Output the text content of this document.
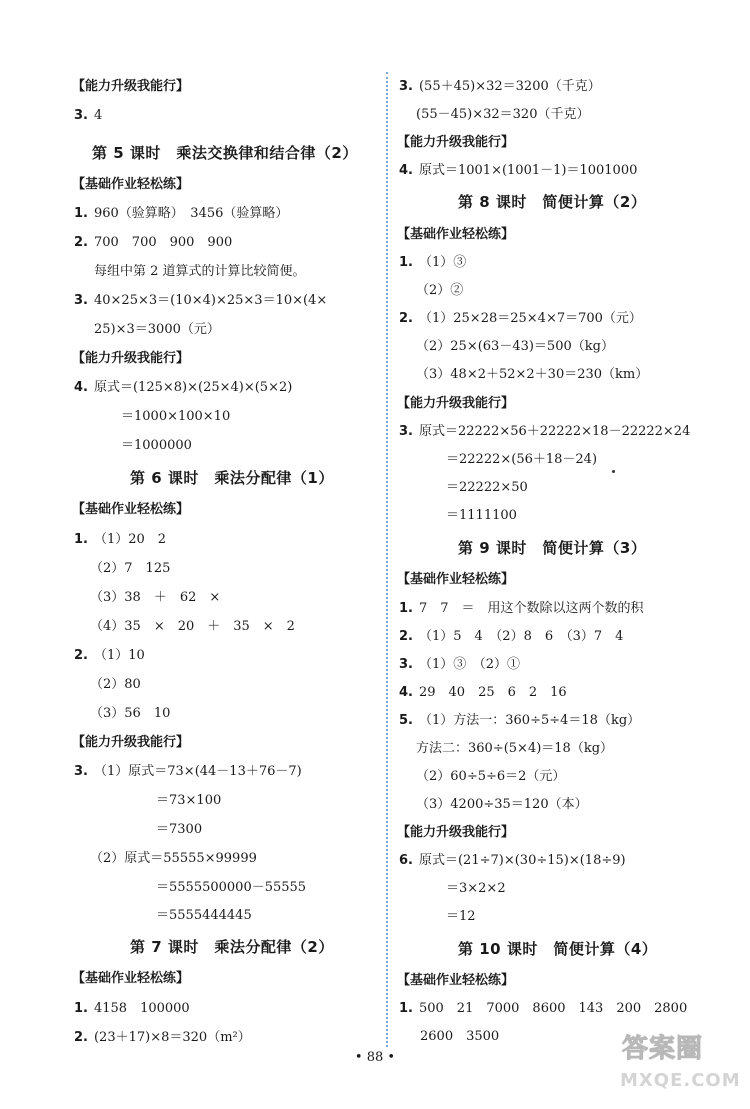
【能力升级我能行】
3. 4
第 5 课时　乘法交换律和结合律（2）
【基础作业轻松练】
1. 960（验算略）　3456（验算略）
2. 700　700　900　900
每组中第 2 道算式的计算比较简便。
3. 40×25×3＝(10×4)×25×3＝10×(4×
25)×3＝3000（元）
【能力升级我能行】
4. 原式＝(125×8)×(25×4)×(5×2)
＝1000×100×10
＝1000000
第 6 课时　乘法分配律（1）
【基础作业轻松练】
1. （1）20　2
（2）7　125
（3）38　＋　62　×
（4）35　×　20　＋　35　×　2
2. （1）10
（2）80
（3）56　10
【能力升级我能行】
3. （1）原式＝73×(44－13＋76－7)
＝73×100
＝7300
（2）原式＝55555×99999
＝5555500000－55555
＝5555444445
第 7 课时　乘法分配律（2）
【基础作业轻松练】
1. 4158　100000
2. (23＋17)×8＝320（m²）
3. (55＋45)×32＝3200（千克）
(55－45)×32＝320（千克）
【能力升级我能行】
4. 原式＝1001×(1001－1)＝1001000
第 8 课时　简便计算（2）
【基础作业轻松练】
1. （1）③
（2）②
2. （1）25×28＝25×4×7＝700（元）
（2）25×(63－43)＝500（kg）
（3）48×2＋52×2＋30＝230（km）
【能力升级我能行】
3. 原式＝22222×56＋22222×18－22222×24
＝22222×(56＋18－24)
＝22222×50
＝1111100
第 9 课时　简便计算（3）
【基础作业轻松练】
1. 7　7　＝　用这个数除以这两个数的积
2. （1）5　4　（2）8　6　（3）7　4
3. （1）③　（2）①
4. 29　40　25　6　2　16
5. （1）方法一：360÷5÷4＝18（kg）
方法二：360÷(5×4)＝18（kg）
（2）60÷5÷6＝2（元）
（3）4200÷35＝120（本）
【能力升级我能行】
6. 原式＝(21÷7)×(30÷15)×(18÷9)
＝3×2×2
＝12
第 10 课时　简便计算（4）
【基础作业轻松练】
1. 500　21　7000　8600　143　200　2800
2600　3500
• 88 •	答案圈
MXQE.COM
